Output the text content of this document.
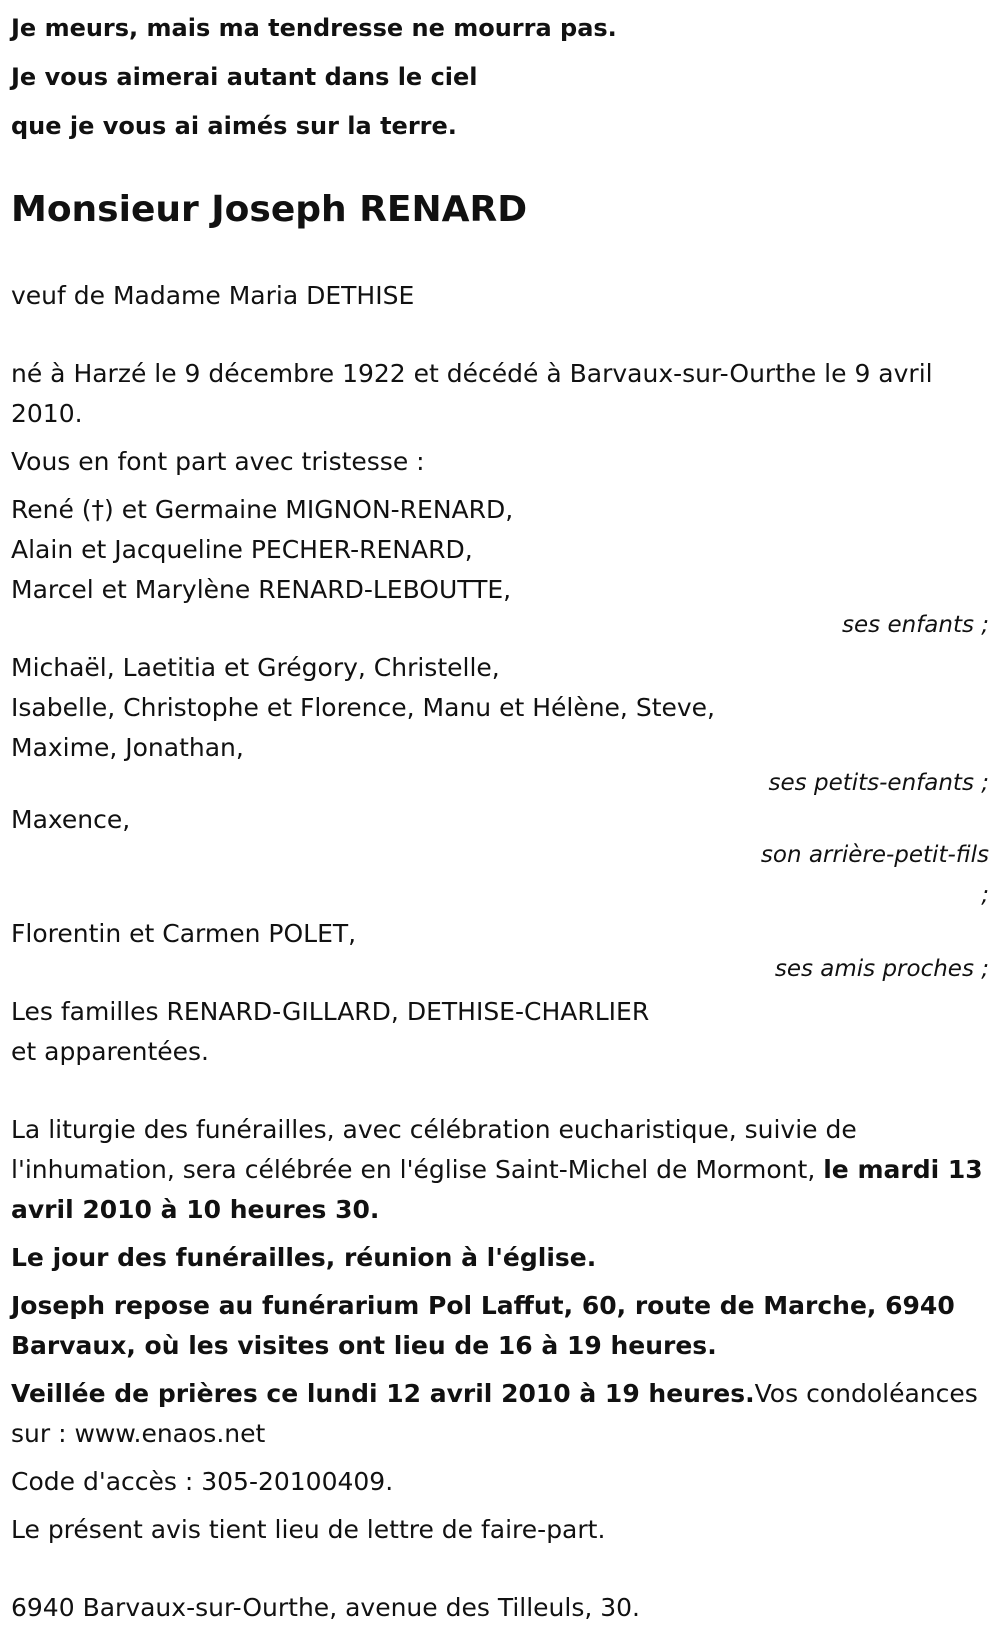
Je meurs, mais ma tendresse ne mourra pas.
Je vous aimerai autant dans le ciel
que je vous ai aimés sur la terre.
Monsieur Joseph RENARD
veuf de Madame Maria DETHISE
né à Harzé le 9 décembre 1922 et décédé à Barvaux-sur-Ourthe le 9 avril 2010.
Vous en font part avec tristesse :
René (†) et Germaine MIGNON-RENARD,
Alain et Jacqueline PECHER-RENARD,
Marcel et Marylène RENARD-LEBOUTTE,
ses enfants ;
Michaël, Laetitia et Grégory, Christelle,
Isabelle, Christophe et Florence, Manu et Hélène, Steve,
Maxime, Jonathan,
ses petits-enfants ;
Maxence,
son arrière-petit-fils
;
Florentin et Carmen POLET,
ses amis proches ;
Les familles RENARD-GILLARD, DETHISE-CHARLIER
et apparentées.
La liturgie des funérailles, avec célébration eucharistique, suivie de l'inhumation, sera célébrée en l'église Saint-Michel de Mormont, le mardi 13 avril 2010 à 10 heures 30.
Le jour des funérailles, réunion à l'église.
Joseph repose au funérarium Pol Laffut, 60, route de Marche, 6940 Barvaux, où les visites ont lieu de 16 à 19 heures.
Veillée de prières ce lundi 12 avril 2010 à 19 heures.Vos condoléances sur : www.enaos.net
Code d'accès : 305-20100409.
Le présent avis tient lieu de lettre de faire-part.
6940 Barvaux-sur-Ourthe, avenue des Tilleuls, 30.
